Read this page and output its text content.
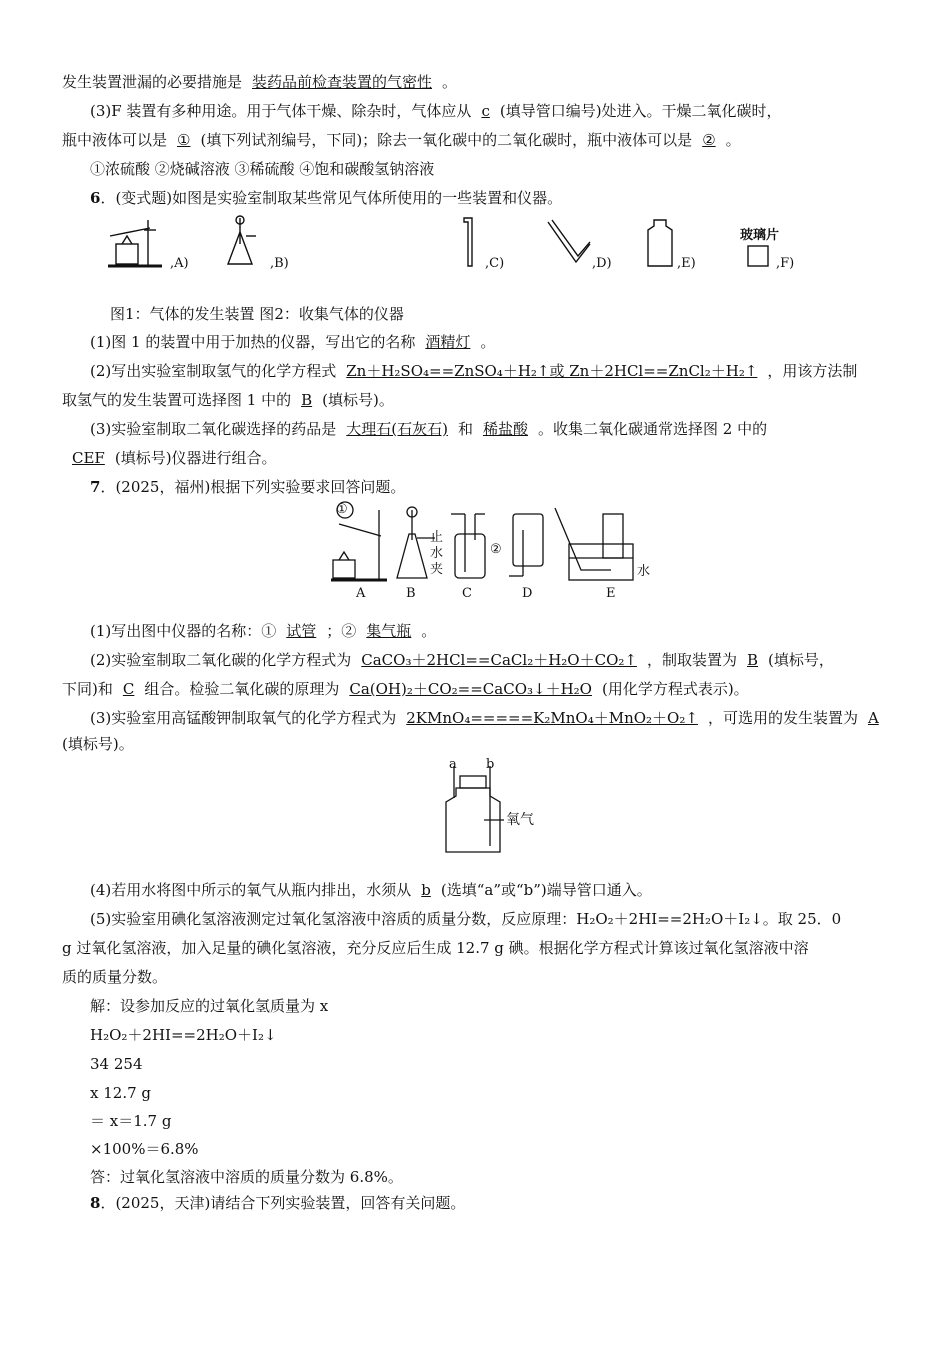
发生装置泄漏的必要措施是 装药品前检查装置的气密性 。
(3)F 装置有多种用途。用于气体干燥、除杂时，气体应从 c (填导管口编号)处进入。干燥二氧化碳时，
瓶中液体可以是 ① (填下列试剂编号，下同)；除去一氧化碳中的二氧化碳时，瓶中液体可以是 ② 。
①浓硫酸 ②烧碱溶液 ③稀硫酸 ④饱和碳酸氢钠溶液
6．(变式题)如图是实验室制取某些常见气体所使用的一些装置和仪器。
,A)	,B)	,C)	,D)	,E)	,F)
玻璃片
图1：气体的发生装置 图2：收集气体的仪器
(1)图 1 的装置中用于加热的仪器，写出它的名称 酒精灯 。
(2)写出实验室制取氢气的化学方程式 Zn＋H₂SO₄==ZnSO₄＋H₂↑或 Zn＋2HCl==ZnCl₂＋H₂↑ ，用该方法制
取氢气的发生装置可选择图 1 中的 B (填标号)。
(3)实验室制取二氧化碳选择的药品是 大理石(石灰石) 和 稀盐酸 。收集二氧化碳通常选择图 2 中的
CEF (填标号)仪器进行组合。
7．(2025，福州)根据下列实验要求回答问题。
①
②
止
水
夹	水
A	B	C	D	E
(1)写出图中仪器的名称：① 试管 ；② 集气瓶 。
(2)实验室制取二氧化碳的化学方程式为 CaCO₃＋2HCl==CaCl₂＋H₂O＋CO₂↑ ，制取装置为 B (填标号，
下同)和 C 组合。检验二氧化碳的原理为 Ca(OH)₂＋CO₂==CaCO₃↓＋H₂O (用化学方程式表示)。
(3)实验室用高锰酸钾制取氧气的化学方程式为 2KMnO₄=====K₂MnO₄＋MnO₂＋O₂↑ ，可选用的发生装置为 A
(填标号)。
a b
氧气
(4)若用水将图中所示的氧气从瓶内排出，水须从 b (选填“a”或“b”)端导管口通入。
(5)实验室用碘化氢溶液测定过氧化氢溶液中溶质的质量分数，反应原理：H₂O₂＋2HI==2H₂O＋I₂↓。取 25．0
g 过氧化氢溶液，加入足量的碘化氢溶液，充分反应后生成 12.7 g 碘。根据化学方程式计算该过氧化氢溶液中溶
质的质量分数。
解：设参加反应的过氧化氢质量为 x
H₂O₂＋2HI==2H₂O＋I₂↓
34 254
x 12.7 g
＝ x＝1.7 g
×100%＝6.8%
答：过氧化氢溶液中溶质的质量分数为 6.8%。
8．(2025，天津)请结合下列实验装置，回答有关问题。
